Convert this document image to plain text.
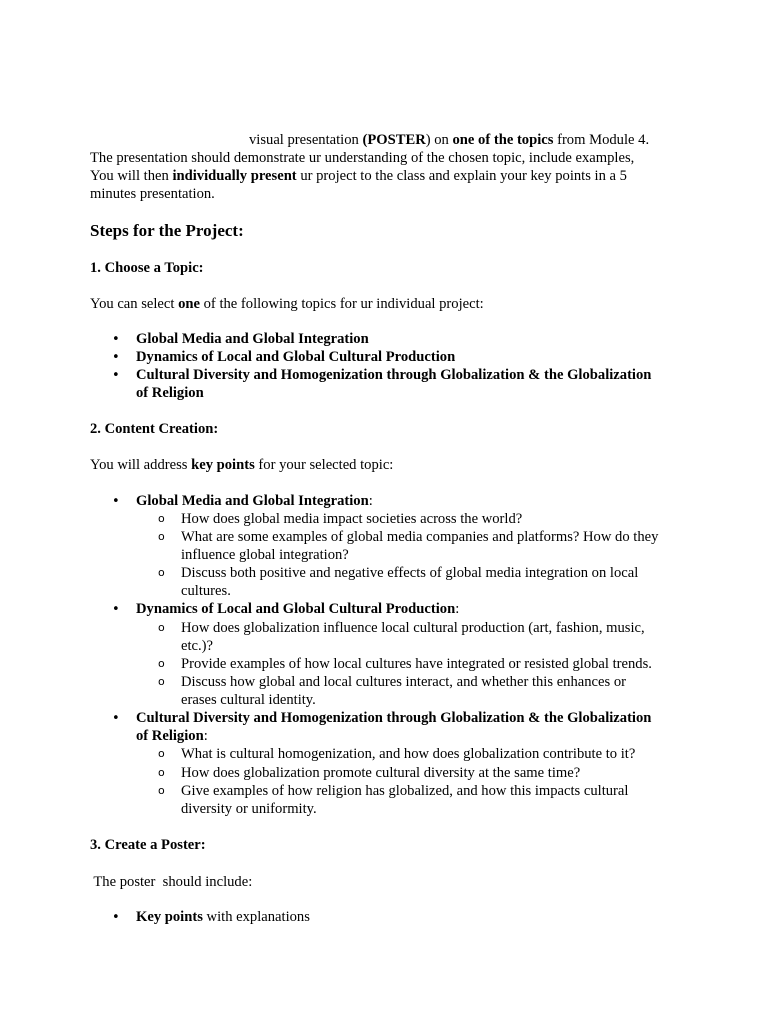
visual presentation (POSTER) on one of the topics from Module 4.
The presentation should demonstrate ur understanding of the chosen topic, include examples,
You will then individually present ur project to the class and explain your key points in a 5
minutes presentation.
Steps for the Project:
1. Choose a Topic:
You can select one of the following topics for ur individual project:
•
Global Media and Global Integration
•
Dynamics of Local and Global Cultural Production
•
Cultural Diversity and Homogenization through Globalization & the Globalization
of Religion
2. Content Creation:
You will address key points for your selected topic:
•
Global Media and Global Integration:
o How does global media impact societies across the world?
o What are some examples of global media companies and platforms? How do they
influence global integration?
o Discuss both positive and negative effects of global media integration on local
cultures.
•
Dynamics of Local and Global Cultural Production:
o How does globalization influence local cultural production (art, fashion, music,
etc.)?
o Provide examples of how local cultures have integrated or resisted global trends.
o Discuss how global and local cultures interact, and whether this enhances or
erases cultural identity.
•
Cultural Diversity and Homogenization through Globalization & the Globalization
of Religion:
o What is cultural homogenization, and how does globalization contribute to it?
o How does globalization promote cultural diversity at the same time?
o Give examples of how religion has globalized, and how this impacts cultural
diversity or uniformity.
3. Create a Poster:
The poster  should include:
•
Key points with explanations
